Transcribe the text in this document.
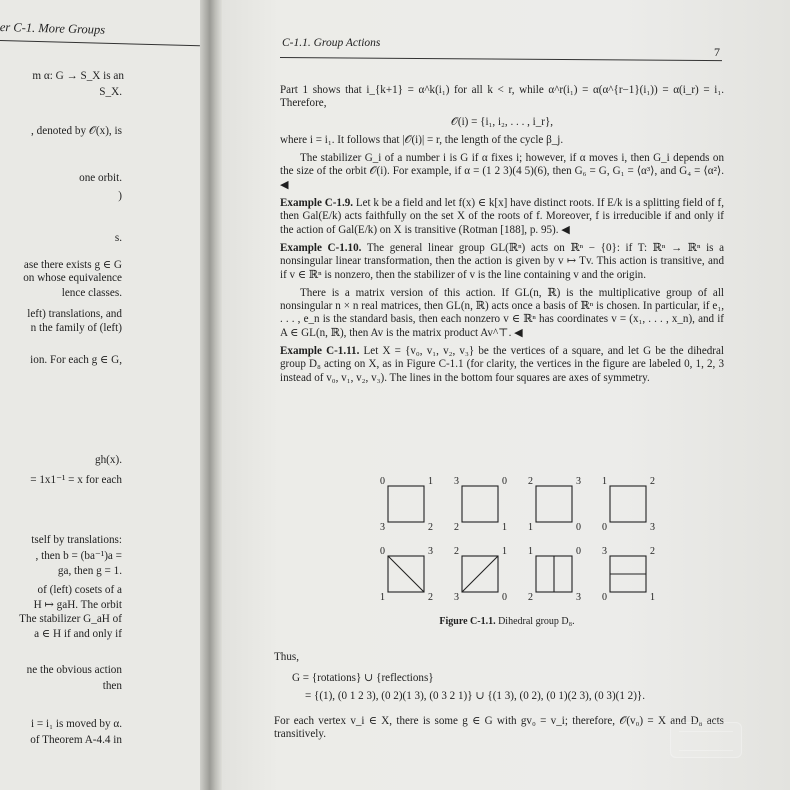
er C-1. More Groups
m α: G → S_X is an
S_X.
, denoted by 𝒪(x), is
one orbit.
)
s.
ase there exists g ∈ G
on whose equivalence
lence classes.
left) translations, and
n the family of (left)
ion. For each g ∈ G,
gh(x).
= 1x1⁻¹ = x for each
tself by translations:
, then b = (ba⁻¹)a =
ga, then g = 1.
of (left) cosets of a
H ↦ gaH. The orbit
The stabilizer G_aH of
a ∈ H if and only if
ne the obvious action
then
i = i₁ is moved by α.
of Theorem A-4.4 in
C-1.1. Group Actions
7

Part 1 shows that i_{k+1} = α^k(i₁) for all k < r, while α^r(i₁) = α(α^{r−1}(i₁)) = α(i_r) = i₁. Therefore,

𝒪(i) = {i₁, i₂, . . . , i_r},

where i = i₁. It follows that |𝒪(i)| = r, the length of the cycle β_j.

The stabilizer G_i of a number i is G if α fixes i; however, if α moves i, then G_i depends on the size of the orbit 𝒪(i). For example, if α = (1 2 3)(4 5)(6), then G₆ = G, G₁ = ⟨α³⟩, and G₄ = ⟨α²⟩. ◀

Example C-1.9. Let k be a field and let f(x) ∈ k[x] have distinct roots. If E/k is a splitting field of f, then Gal(E/k) acts faithfully on the set X of the roots of f. Moreover, f is irreducible if and only if the action of Gal(E/k) on X is transitive (Rotman [188], p. 95). ◀

Example C-1.10. The general linear group GL(ℝⁿ) acts on ℝⁿ − {0}: if T: ℝⁿ → ℝⁿ is a nonsingular linear transformation, then the action is given by v ↦ Tv. This action is transitive, and if v ∈ ℝⁿ is nonzero, then the stabilizer of v is the line containing v and the origin.

There is a matrix version of this action. If GL(n, ℝ) is the multiplicative group of all nonsingular n × n real matrices, then GL(n, ℝ) acts once a basis of ℝⁿ is chosen. In particular, if e₁, . . . , e_n is the standard basis, then each nonzero v ∈ ℝⁿ has coordinates v = (x₁, . . . , x_n), and if A ∈ GL(n, ℝ), then Av is the matrix product Av^⊤. ◀

Example C-1.11. Let X = {v₀, v₁, v₂, v₃} be the vertices of a square, and let G be the dihedral group D₈ acting on X, as in Figure C-1.1 (for clarity, the vertices in the figure are labeled 0, 1, 2, 3 instead of v₀, v₁, v₂, v₃). The lines in the bottom four squares are axes of symmetry.

0	1
3	2
3	0
2	1
2	3
1	0
1	2
0	3
0	3
1	2
2	1
3	0
1	0
2	3
3	2
0	1
Figure C-1.1. Dihedral group D₈.

Thus,

G = {rotations} ∪ {reflections}

= {(1), (0 1 2 3), (0 2)(1 3), (0 3 2 1)} ∪ {(1 3), (0 2), (0 1)(2 3), (0 3)(1 2)}.

For each vertex v_i ∈ X, there is some g ∈ G with gv₀ = v_i; therefore, 𝒪(v₀) = X and D₈ acts transitively.
